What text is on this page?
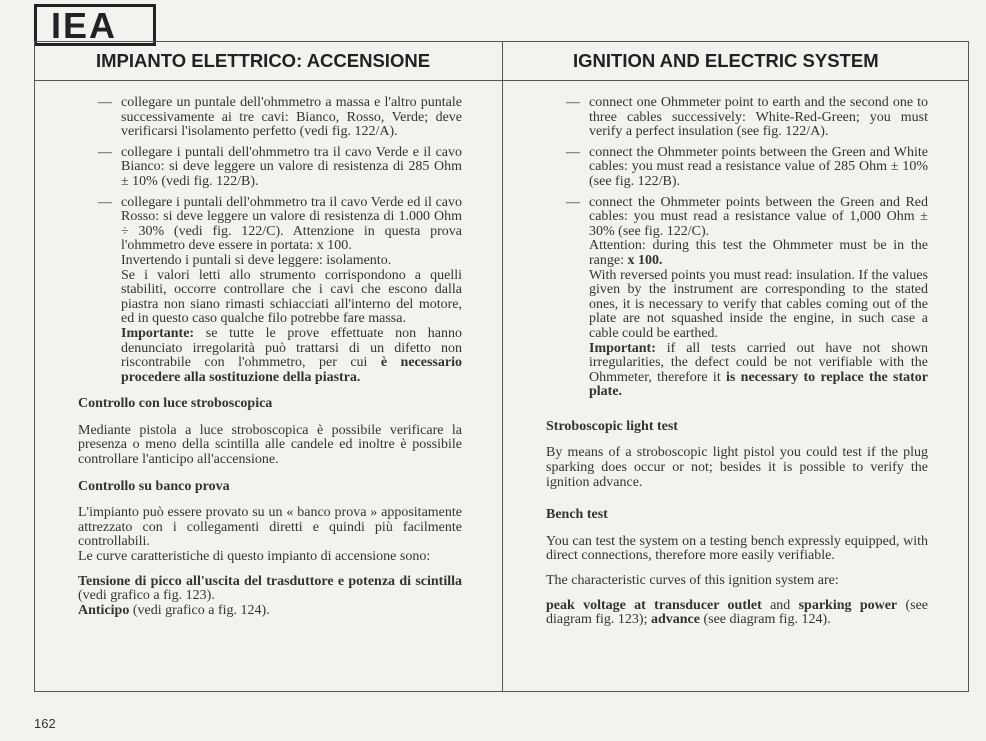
IEA
IMPIANTO ELETTRICO: ACCENSIONE	IGNITION AND ELECTRIC SYSTEM
— collegare un puntale dell'ohmmetro a massa e l'altro puntale successivamente ai tre cavi: Bianco, Rosso, Verde; deve verificarsi l'isolamento perfetto (vedi fig. 122/A).
— collegare i puntali dell'ohmmetro tra il cavo Verde e il cavo Bianco: si deve leggere un valore di resistenza di 285 Ohm ± 10% (vedi fig. 122/B).
— collegare i puntali dell'ohmmetro tra il cavo Verde ed il cavo Rosso: si deve leggere un valore di resistenza di 1.000 Ohm ÷ 30% (vedi fig. 122/C). Attenzione in questa prova l'ohmmetro deve essere in portata: x 100.
Invertendo i puntali si deve leggere: isolamento.
Se i valori letti allo strumento corrispondono a quelli stabiliti, occorre controllare che i cavi che escono dalla piastra non siano rimasti schiacciati all'interno del motore, ed in questo caso qualche filo potrebbe fare massa.
Importante: se tutte le prove effettuate non hanno denunciato irregolarità può trattarsi di un difetto non riscontrabile con l'ohmmetro, per cui è necessario procedere alla sostituzione della piastra.
Controllo con luce stroboscopica
Mediante pistola a luce stroboscopica è possibile verificare la presenza o meno della scintilla alle candele ed inoltre è possibile controllare l'anticipo all'accensione.
Controllo su banco prova
L'impianto può essere provato su un « banco prova » appositamente attrezzato con i collegamenti diretti e quindi più facilmente controllabili.
Le curve caratteristiche di questo impianto di accensione sono:
Tensione di picco all'uscita del trasduttore e potenza di scintilla (vedi grafico a fig. 123).
Anticipo (vedi grafico a fig. 124).
— connect one Ohmmeter point to earth and the second one to three cables successively: White-Red-Green; you must verify a perfect insulation (see fig. 122/A).
— connect the Ohmmeter points between the Green and White cables: you must read a resistance value of 285 Ohm ± 10% (see fig. 122/B).
— connect the Ohmmeter points between the Green and Red cables: you must read a resistance value of 1,000 Ohm ± 30% (see fig. 122/C).
Attention: during this test the Ohmmeter must be in the range: x 100.
With reversed points you must read: insulation. If the values given by the instrument are corresponding to the stated ones, it is necessary to verify that cables coming out of the plate are not squashed inside the engine, in such case a cable could be earthed.
Important: if all tests carried out have not shown irregularities, the defect could be not verifiable with the Ohmmeter, therefore it is necessary to replace the stator plate.
Stroboscopic light test
By means of a stroboscopic light pistol you could test if the plug sparking does occur or not; besides it is possible to verify the ignition advance.
Bench test
You can test the system on a testing bench expressly equipped, with direct connections, therefore more easily verifiable.
The characteristic curves of this ignition system are:
peak voltage at transducer outlet and sparking power (see diagram fig. 123); advance (see diagram fig. 124).
162
